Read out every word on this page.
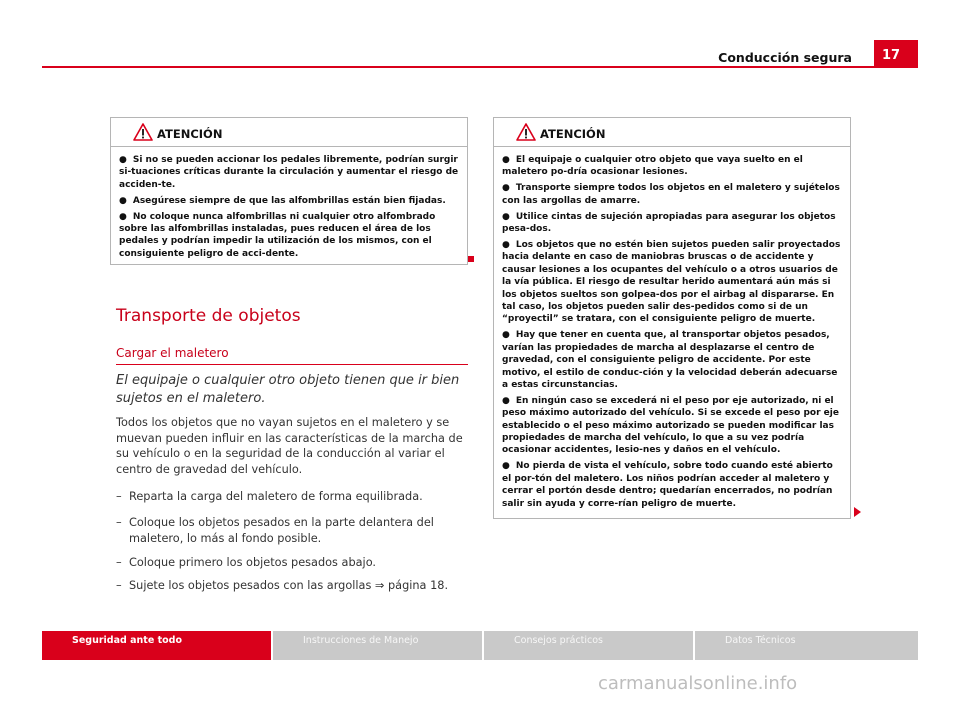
Conducción segura	17
ATENCIÓN

● Si no se pueden accionar los pedales libremente, podrían surgir si-tuaciones críticas durante la circulación y aumentar el riesgo de acciden-te.

● Asegúrese siempre de que las alfombrillas están bien fijadas.

● No coloque nunca alfombrillas ni cualquier otro alfombrado sobre las alfombrillas instaladas, pues reducen el área de los pedales y podrían impedir la utilización de los mismos, con el consiguiente peligro de acci-dente.

ATENCIÓN

● El equipaje o cualquier otro objeto que vaya suelto en el maletero po-dría ocasionar lesiones.

● Transporte siempre todos los objetos en el maletero y sujételos con las argollas de amarre.

● Utilice cintas de sujeción apropiadas para asegurar los objetos pesa-dos.

● Los objetos que no estén bien sujetos pueden salir proyectados hacia delante en caso de maniobras bruscas o de accidente y causar lesiones a los ocupantes del vehículo o a otros usuarios de la vía pública. El riesgo de resultar herido aumentará aún más si los objetos sueltos son golpea-dos por el airbag al dispararse. En tal caso, los objetos pueden salir des-pedidos como si de un “proyectil” se tratara, con el consiguiente peligro de muerte.

● Hay que tener en cuenta que, al transportar objetos pesados, varían las propiedades de marcha al desplazarse el centro de gravedad, con el consiguiente peligro de accidente. Por este motivo, el estilo de conduc-ción y la velocidad deberán adecuarse a estas circunstancias.

● En ningún caso se excederá ni el peso por eje autorizado, ni el peso máximo autorizado del vehículo. Si se excede el peso por eje establecido o el peso máximo autorizado se pueden modificar las propiedades de marcha del vehículo, lo que a su vez podría ocasionar accidentes, lesio-nes y daños en el vehículo.

● No pierda de vista el vehículo, sobre todo cuando esté abierto el por-tón del maletero. Los niños podrían acceder al maletero y cerrar el portón desde dentro; quedarían encerrados, no podrían salir sin ayuda y corre-rían peligro de muerte.

Transporte de objetos
Cargar el maletero
El equipaje o cualquier otro objeto tienen que ir bien sujetos en el maletero.

Todos los objetos que no vayan sujetos en el maletero y se muevan pueden influir en las características de la marcha de su vehículo o en la seguridad de la conducción al variar el centro de gravedad del vehículo.

– Reparta la carga del maletero de forma equilibrada.
– Coloque los objetos pesados en la parte delantera del maletero, lo más al fondo posible.
– Coloque primero los objetos pesados abajo.
– Sujete los objetos pesados con las argollas ⇒ página 18.
Seguridad ante todo	Instrucciones de Manejo	Consejos prácticos	Datos Técnicos
carmanualsonline.info
